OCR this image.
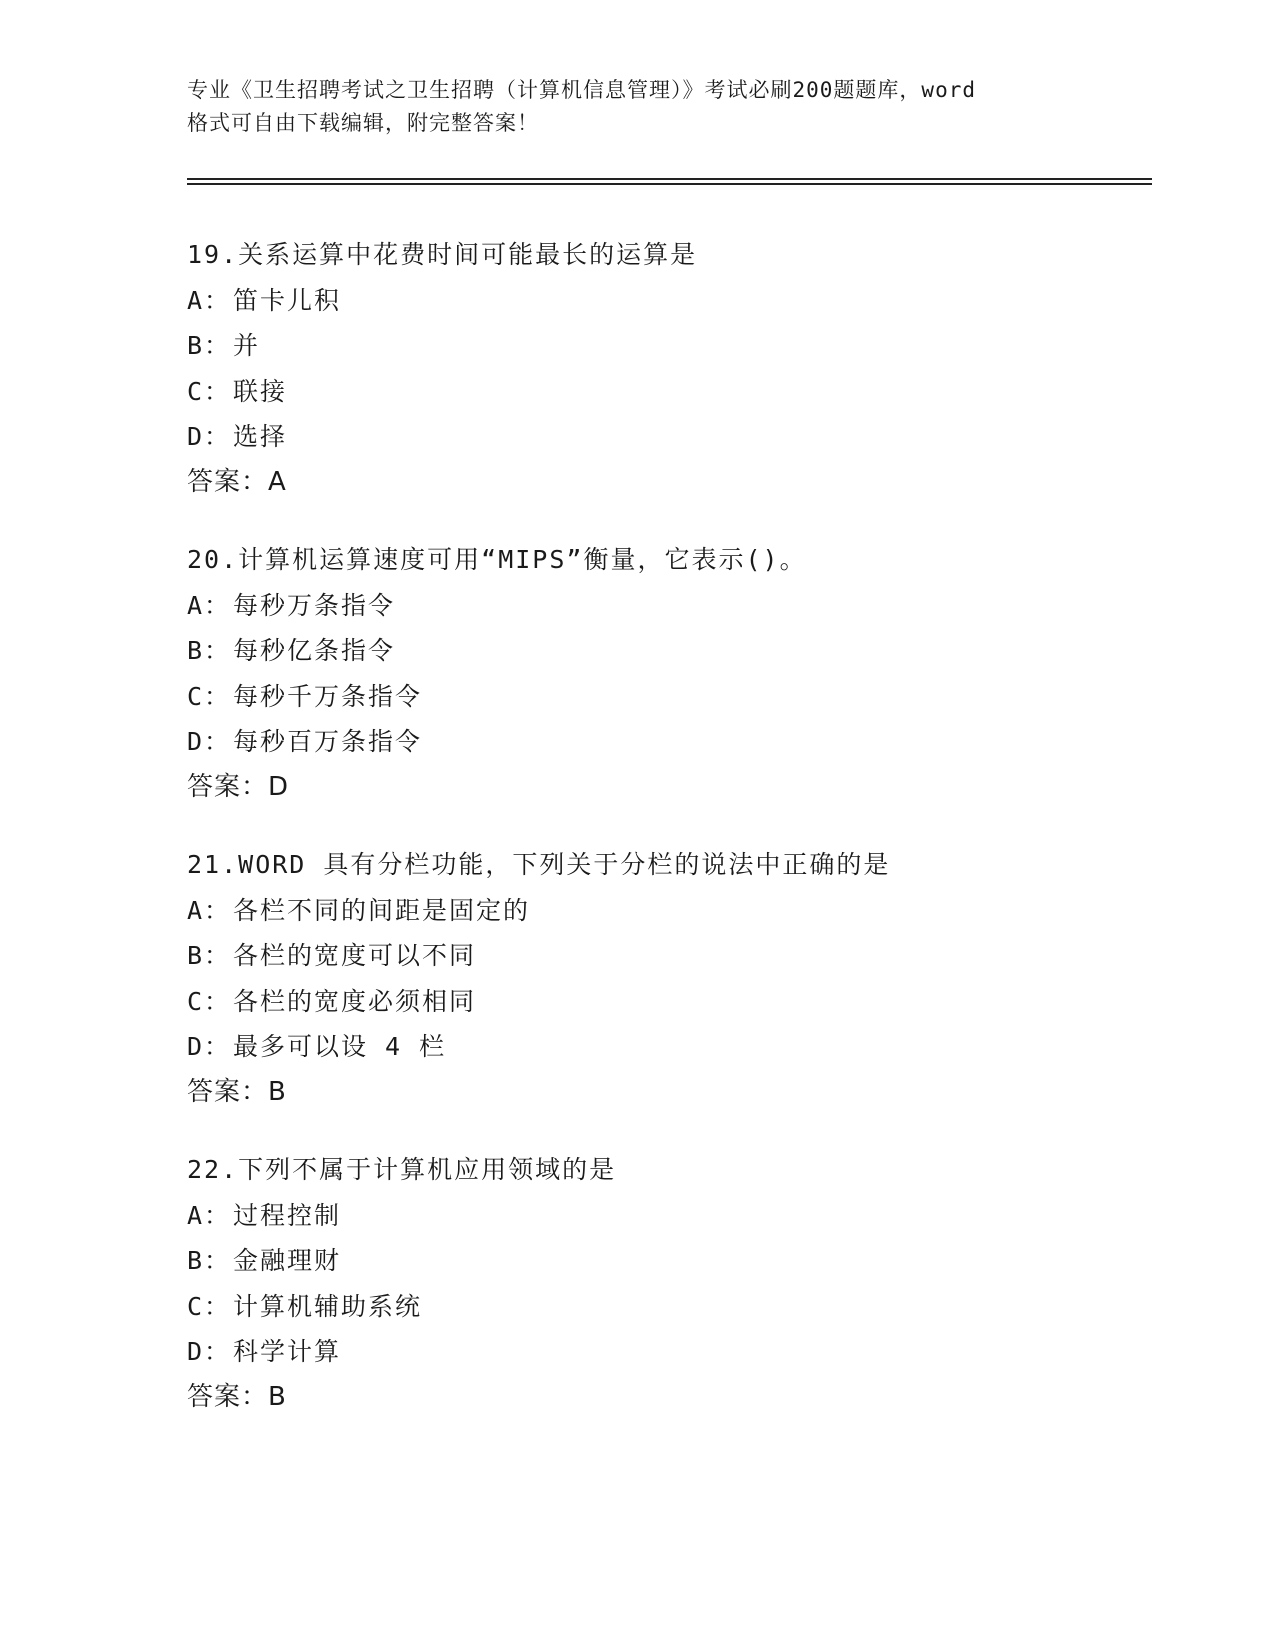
专业《卫生招聘考试之卫生招聘（计算机信息管理）》考试必刷200题题库，word
格式可自由下载编辑，附完整答案！
19.关系运算中花费时间可能最长的运算是
A：笛卡儿积
B：并
C：联接
D：选择
答案：A
20.计算机运算速度可用“MIPS”衡量，它表示()。
A：每秒万条指令
B：每秒亿条指令
C：每秒千万条指令
D：每秒百万条指令
答案：D
21.WORD 具有分栏功能，下列关于分栏的说法中正确的是
A：各栏不同的间距是固定的
B：各栏的宽度可以不同
C：各栏的宽度必须相同
D：最多可以设 4 栏
答案：B
22.下列不属于计算机应用领域的是
A：过程控制
B：金融理财
C：计算机辅助系统
D：科学计算
答案：B
